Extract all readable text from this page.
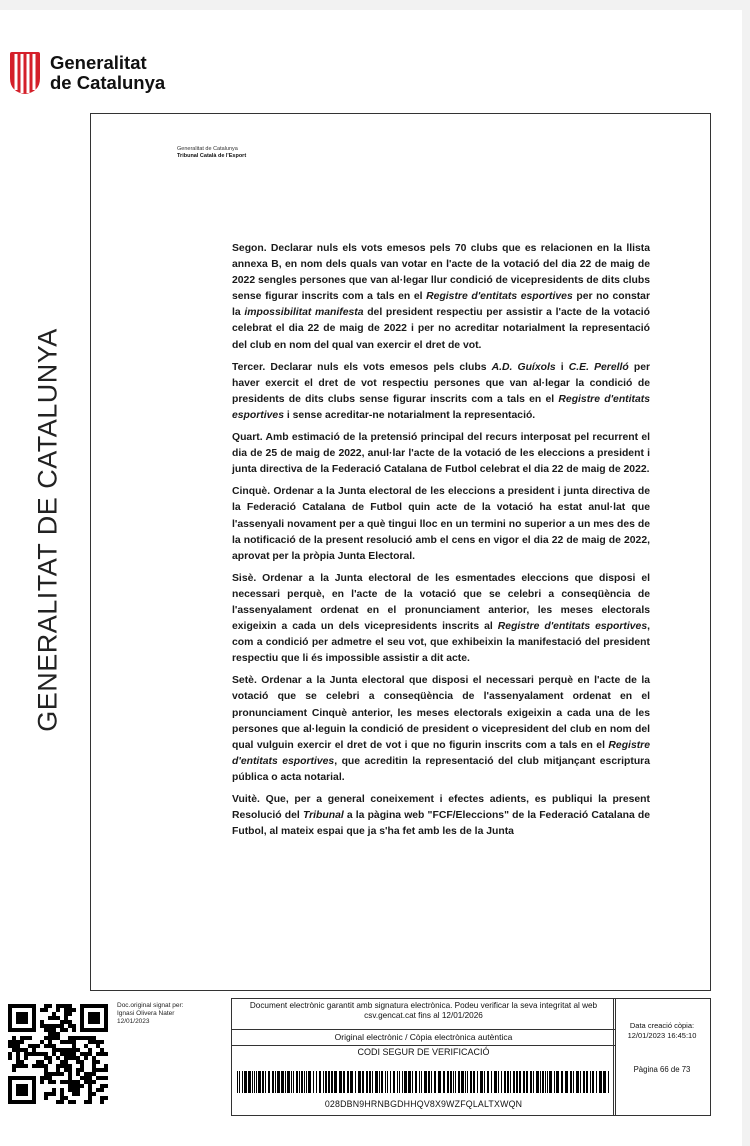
Generalitat
de Catalunya
GENERALITAT DE CATALUNYA
Generalitat de Catalunya
Tribunal Català de l'Esport

Segon. Declarar nuls els vots emesos pels 70 clubs que es relacionen en la llista annexa B, en nom dels quals van votar en l'acte de la votació del dia 22 de maig de 2022 sengles persones que van al·legar llur condició de vicepresidents de dits clubs sense figurar inscrits com a tals en el Registre d'entitats esportives per no constar la impossibilitat manifesta del president respectiu per assistir a l'acte de la votació celebrat el dia 22 de maig de 2022 i per no acreditar notarialment la representació del club en nom del qual van exercir el dret de vot.

Tercer. Declarar nuls els vots emesos pels clubs A.D. Guíxols i C.E. Perelló per haver exercit el dret de vot respectiu persones que van al·legar la condició de presidents de dits clubs sense figurar inscrits com a tals en el Registre d'entitats esportives i sense acreditar-ne notarialment la representació.

Quart. Amb estimació de la pretensió principal del recurs interposat pel recurrent el dia de 25 de maig de 2022, anul·lar l'acte de la votació de les eleccions a president i junta directiva de la Federació Catalana de Futbol celebrat el dia 22 de maig de 2022.

Cinquè. Ordenar a la Junta electoral de les eleccions a president i junta directiva de la Federació Catalana de Futbol quin acte de la votació ha estat anul·lat que l'assenyali novament per a què tingui lloc en un termini no superior a un mes des de la notificació de la present resolució amb el cens en vigor el dia 22 de maig de 2022, aprovat per la pròpia Junta Electoral.

Sisè. Ordenar a la Junta electoral de les esmentades eleccions que disposi el necessari perquè, en l'acte de la votació que se celebri a conseqüència de l'assenyalament ordenat en el pronunciament anterior, les meses electorals exigeixin a cada un dels vicepresidents inscrits al Registre d'entitats esportives, com a condició per admetre el seu vot, que exhibeixin la manifestació del president respectiu que li és impossible assistir a dit acte.

Setè. Ordenar a la Junta electoral que disposi el necessari perquè en l'acte de la votació que se celebri a conseqüència de l'assenyalament ordenat en el pronunciament Cinquè anterior, les meses electorals exigeixin a cada una de les persones que al·leguin la condició de president o vicepresident del club en nom del qual vulguin exercir el dret de vot i que no figurin inscrits com a tals en el Registre d'entitats esportives, que acreditin la representació del club mitjançant escriptura pública o acta notarial.

Vuitè. Que, per a general coneixement i efectes adients, es publiqui la present Resolució del Tribunal a la pàgina web "FCF/Eleccions" de la Federació Catalana de Futbol, al mateix espai que ja s'ha fet amb les de la Junta

Doc.original signat per:
Ignasi Olivera Nater
12/01/2023
Document electrònic garantit amb signatura electrònica. Podeu verificar la seva integritat al web csv.gencat.cat fins al 12/01/2026
Original electrònic / Còpia electrònica autèntica
CODI SEGUR DE VERIFICACIÓ
028DBN9HRNBGDHHQV8X9WZFQLALTXWQN
Data creació còpia:
12/01/2023 16:45:10
Pàgina 66 de 73
